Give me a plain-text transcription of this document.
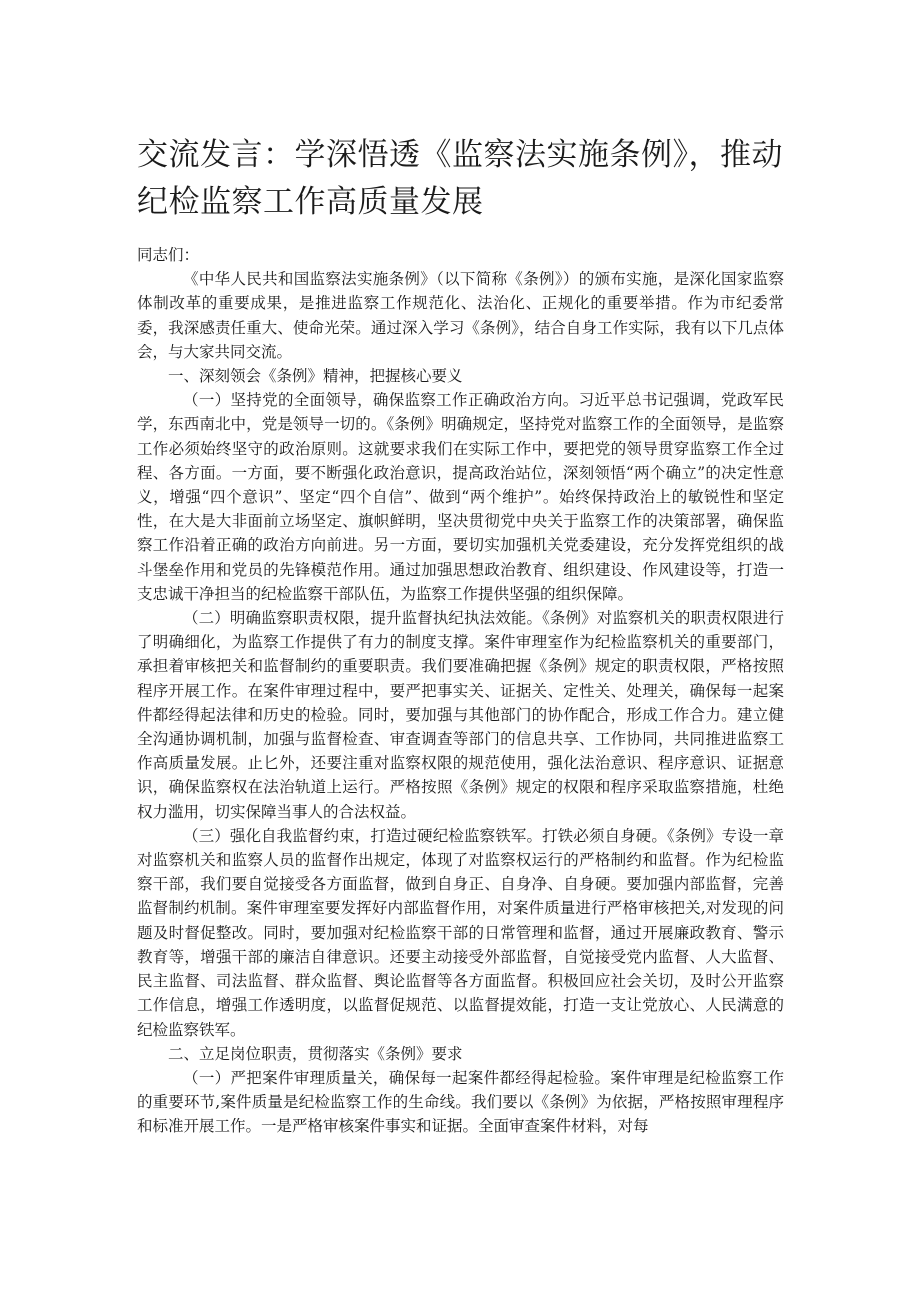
交流发言：学深悟透《监察法实施条例》，推动纪检监察工作高质量发展

同志们：

《中华人民共和国监察法实施条例》（以下简称《条例》）的颁布实施，是深化国家监察体制改革的重要成果，是推进监察工作规范化、法治化、正规化的重要举措。作为市纪委常委，我深感责任重大、使命光荣。通过深入学习《条例》，结合自身工作实际，我有以下几点体会，与大家共同交流。

一、深刻领会《条例》精神，把握核心要义

（一）坚持党的全面领导，确保监察工作正确政治方向。习近平总书记强调，党政军民学，东西南北中，党是领导一切的。《条例》明确规定，坚持党对监察工作的全面领导，是监察工作必须始终坚守的政治原则。这就要求我们在实际工作中，要把党的领导贯穿监察工作全过程、各方面。一方面，要不断强化政治意识，提高政治站位，深刻领悟“两个确立”的决定性意义，增强“四个意识”、坚定“四个自信”、做到“两个维护”。始终保持政治上的敏锐性和坚定性，在大是大非面前立场坚定、旗帜鲜明，坚决贯彻党中央关于监察工作的决策部署，确保监察工作沿着正确的政治方向前进。另一方面，要切实加强机关党委建设，充分发挥党组织的战斗堡垒作用和党员的先锋模范作用。通过加强思想政治教育、组织建设、作风建设等，打造一支忠诚干净担当的纪检监察干部队伍，为监察工作提供坚强的组织保障。

（二）明确监察职责权限，提升监督执纪执法效能。《条例》对监察机关的职责权限进行了明确细化，为监察工作提供了有力的制度支撑。案件审理室作为纪检监察机关的重要部门，承担着审核把关和监督制约的重要职责。我们要准确把握《条例》规定的职责权限，严格按照程序开展工作。在案件审理过程中，要严把事实关、证据关、定性关、处理关，确保每一起案件都经得起法律和历史的检验。同时，要加强与其他部门的协作配合，形成工作合力。建立健全沟通协调机制，加强与监督检查、审查调查等部门的信息共享、工作协同，共同推进监察工作高质量发展。止匕外，还要注重对监察权限的规范使用，强化法治意识、程序意识、证据意识，确保监察权在法治轨道上运行。严格按照《条例》规定的权限和程序采取监察措施，杜绝权力滥用，切实保障当事人的合法权益。

（三）强化自我监督约束，打造过硬纪检监察铁军。打铁必须自身硬。《条例》专设一章对监察机关和监察人员的监督作出规定，体现了对监察权运行的严格制约和监督。作为纪检监察干部，我们要自觉接受各方面监督，做到自身正、自身净、自身硬。要加强内部监督，完善监督制约机制。案件审理室要发挥好内部监督作用，对案件质量进行严格审核把关,对发现的问题及时督促整改。同时，要加强对纪检监察干部的日常管理和监督，通过开展廉政教育、警示教育等，增强干部的廉洁自律意识。还要主动接受外部监督，自觉接受党内监督、人大监督、民主监督、司法监督、群众监督、舆论监督等各方面监督。积极回应社会关切，及时公开监察工作信息，增强工作透明度，以监督促规范、以监督提效能，打造一支让党放心、人民满意的纪检监察铁军。

二、立足岗位职责，贯彻落实《条例》要求

（一）严把案件审理质量关，确保每一起案件都经得起检验。案件审理是纪检监察工作的重要环节,案件质量是纪检监察工作的生命线。我们要以《条例》为依据，严格按照审理程序和标准开展工作。一是严格审核案件事实和证据。全面审查案件材料，对每
